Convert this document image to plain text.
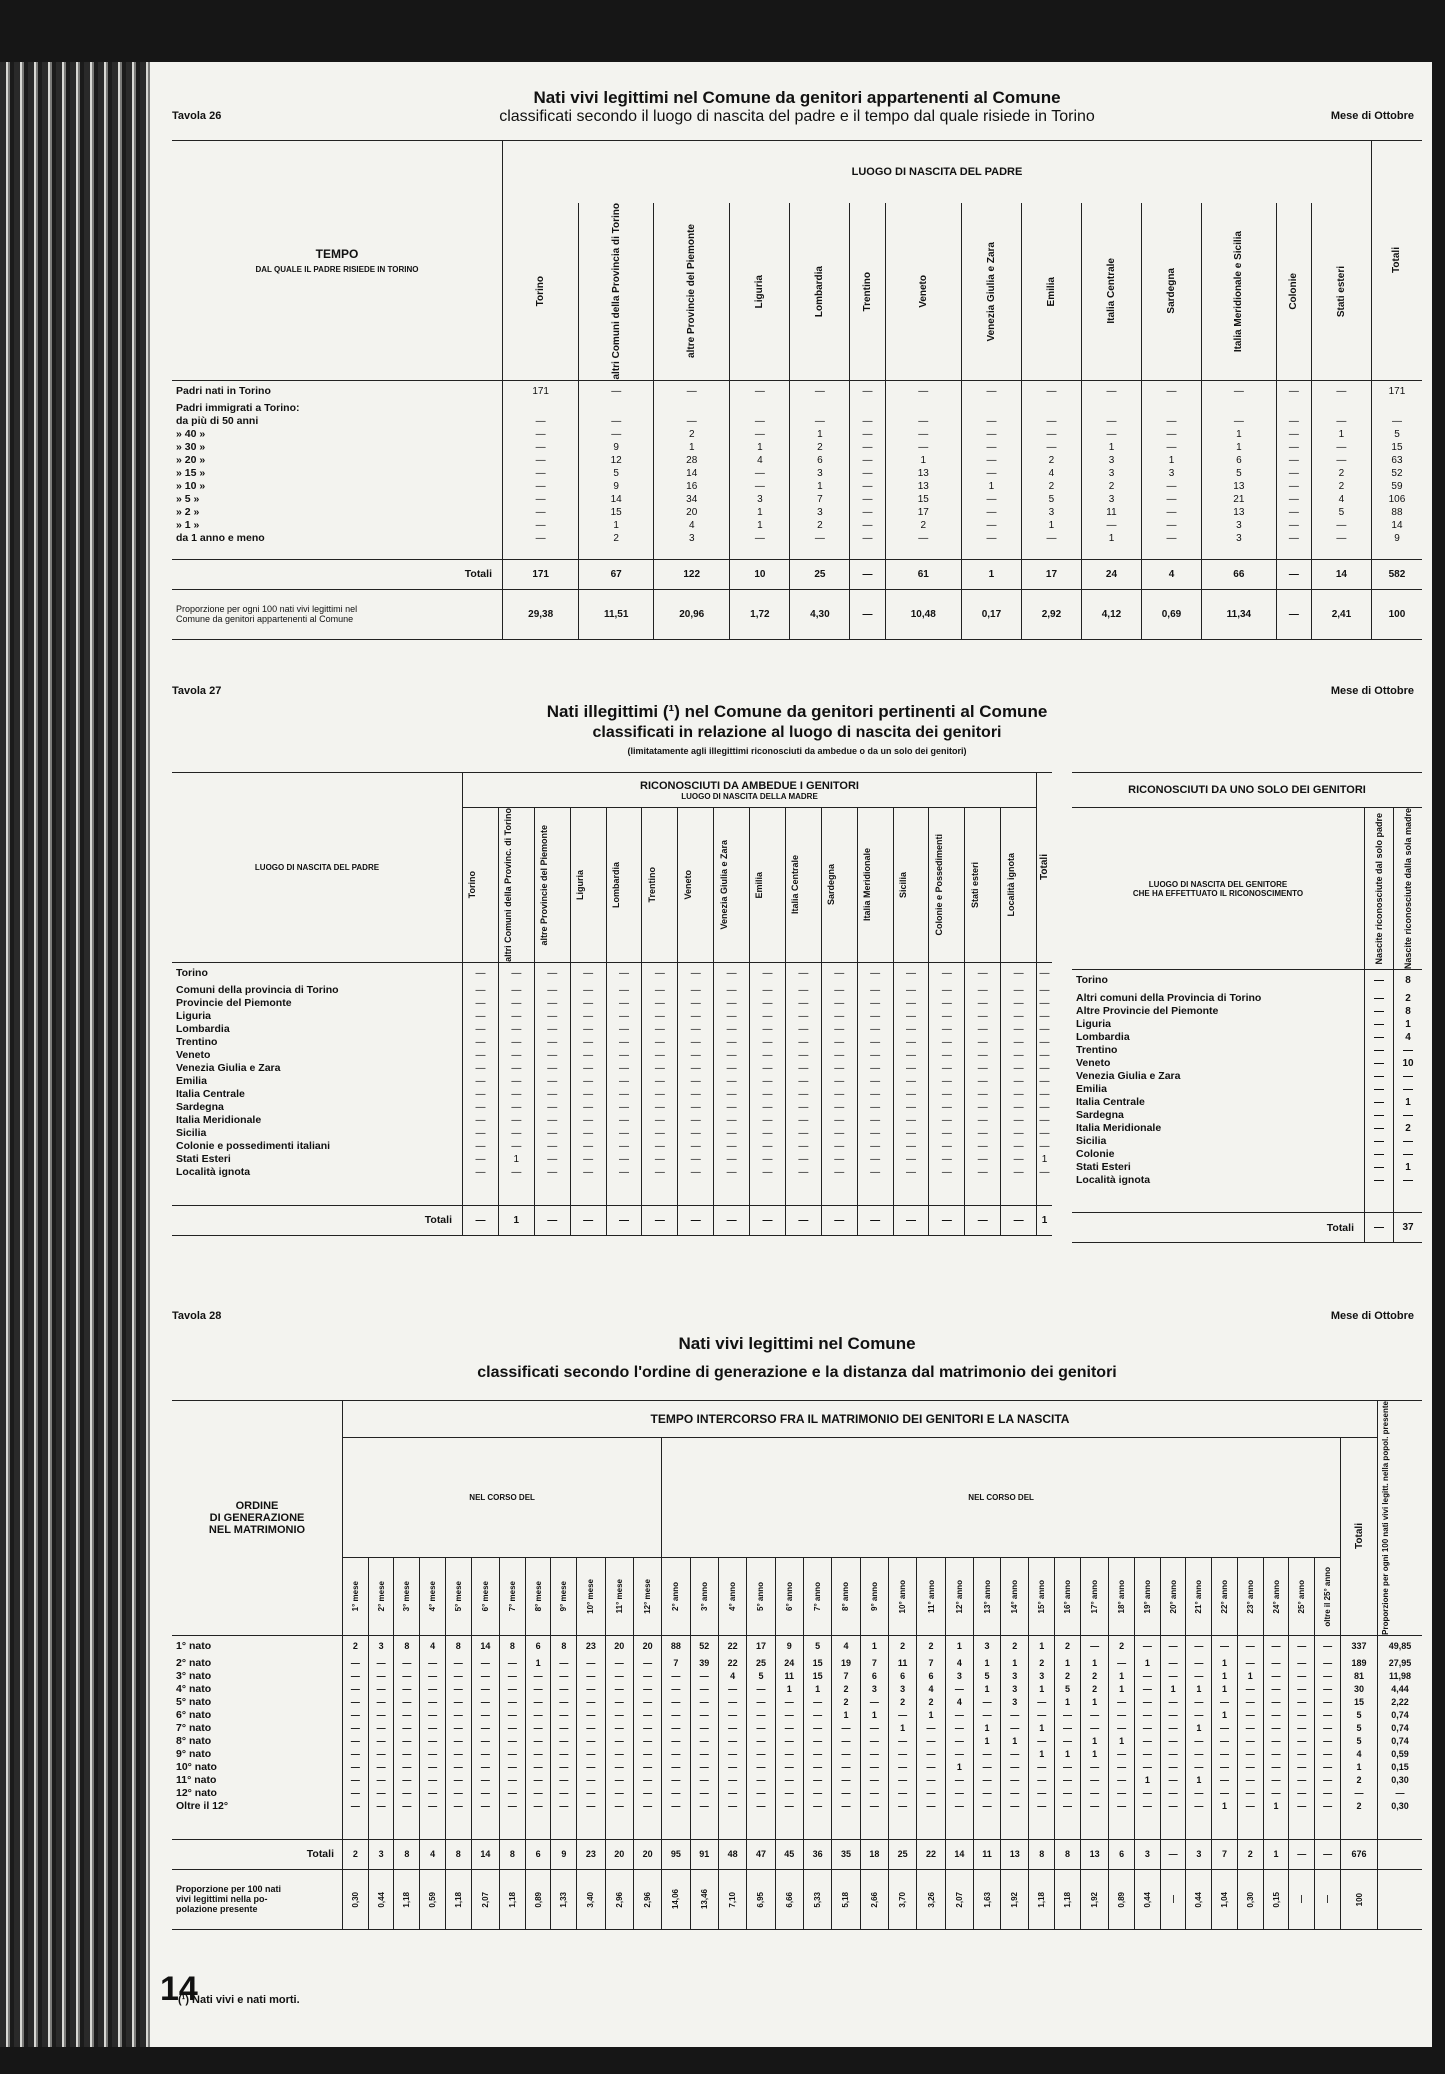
Tavola 26	Mese di Ottobre
Nati vivi legittimi nel Comune da genitori appartenenti al Comune
classificati secondo il luogo di nascita del padre e il tempo dal quale risiede in Torino
TEMPO
DAL QUALE IL PADRE RISIEDE IN TORINO	LUOGO DI NASCITA DEL PADRE														Totali

	Torino	altri Comuni della Provincia di Torino	altre Provincie del Piemonte	Liguria	Lombardia	Trentino	Veneto	Venezia Giulia e Zara	Emilia	Italia Centrale	Sardegna	Italia Meridionale e Sicilia	Colonie	Stati esteri	

Padri nati in Torino	171	—	—	—	—	—	—	—	—	—	—	—	—	—	171
Padri immigrati a Torino:															
da più di 50 anni	—	—	—	—	—	—	—	—	—	—	—	—	—	—	—
» 40 »	—	—	2	—	1	—	—	—	—	—	—	1	—	1	5
» 30 »	—	9	1	1	2	—	—	—	—	1	—	1	—	—	15
» 20 »	—	12	28	4	6	—	1	—	2	3	1	6	—	—	63
» 15 »	—	5	14	—	3	—	13	—	4	3	3	5	—	2	52
» 10 »	—	9	16	—	1	—	13	1	2	2	—	13	—	2	59
» 5 »	—	14	34	3	7	—	15	—	5	3	—	21	—	4	106
» 2 »	—	15	20	1	3	—	17	—	3	11	—	13	—	5	88
» 1 »	—	1	4	1	2	—	2	—	1	—	—	3	—	—	14
da 1 anno e meno	—	2	3	—	—	—	—	—	—	1	—	3	—	—	9

Totali	171	67	122	10	25	—	61	1	17	24	4	66	—	14	582

Proporzione per ogni 100 nati vivi legittimi nel
Comune da genitori appartenenti al Comune	29,38	11,51	20,96	1,72	4,30	—	10,48	0,17	2,92	4,12	0,69	11,34	—	2,41	100
Tavola 27	Mese di Ottobre
Nati illegittimi (¹) nel Comune da genitori pertinenti al Comune
classificati in relazione al luogo di nascita dei genitori
(limitatamente agli illegittimi riconosciuti da ambedue o da un solo dei genitori)
LUOGO DI NASCITA DEL PADRE	RICONOSCIUTI DA AMBEDUE I GENITORI
LUOGO DI NASCITA DELLA MADRE																Totali

	Torino	altri Comuni della Provinc. di Torino	altre Provincie del Piemonte	Liguria	Lombardia	Trentino	Veneto	Venezia Giulia e Zara	Emilia	Italia Centrale	Sardegna	Italia Meridionale	Sicilia	Colonie e Possedimenti	Stati esteri	Località ignota	

Torino	—	—	—	—	—	—	—	—	—	—	—	—	—	—	—	—	—
Comuni della provincia di Torino	—	—	—	—	—	—	—	—	—	—	—	—	—	—	—	—	—
Provincie del Piemonte	—	—	—	—	—	—	—	—	—	—	—	—	—	—	—	—	—
Liguria	—	—	—	—	—	—	—	—	—	—	—	—	—	—	—	—	—
Lombardia	—	—	—	—	—	—	—	—	—	—	—	—	—	—	—	—	—
Trentino	—	—	—	—	—	—	—	—	—	—	—	—	—	—	—	—	—
Veneto	—	—	—	—	—	—	—	—	—	—	—	—	—	—	—	—	—
Venezia Giulia e Zara	—	—	—	—	—	—	—	—	—	—	—	—	—	—	—	—	—
Emilia	—	—	—	—	—	—	—	—	—	—	—	—	—	—	—	—	—
Italia Centrale	—	—	—	—	—	—	—	—	—	—	—	—	—	—	—	—	—
Sardegna	—	—	—	—	—	—	—	—	—	—	—	—	—	—	—	—	—
Italia Meridionale	—	—	—	—	—	—	—	—	—	—	—	—	—	—	—	—	—
Sicilia	—	—	—	—	—	—	—	—	—	—	—	—	—	—	—	—	—
Colonie e possedimenti italiani	—	—	—	—	—	—	—	—	—	—	—	—	—	—	—	—	—
Stati Esteri	—	1	—	—	—	—	—	—	—	—	—	—	—	—	—	—	1
Località ignota	—	—	—	—	—	—	—	—	—	—	—	—	—	—	—	—	—

Totali	—	1	—	—	—	—	—	—	—	—	—	—	—	—	—	—	1
RICONOSCIUTI DA UNO SOLO DEI GENITORI		

LUOGO DI NASCITA DEL GENITORE
CHE HA EFFETTUATO IL RICONOSCIMENTO	Nascite riconosciute dal solo padre	Nascite riconosciute dalla sola madre

Torino	—	8
Altri comuni della Provincia di Torino	—	2
Altre Provincie del Piemonte	—	8
Liguria	—	1
Lombardia	—	4
Trentino	—	—
Veneto	—	10
Venezia Giulia e Zara	—	—
Emilia	—	—
Italia Centrale	—	1
Sardegna	—	—
Italia Meridionale	—	2
Sicilia	—	—
Colonie	—	—
Stati Esteri	—	1
Località ignota	—	—

Totali	—	37
Tavola 28	Mese di Ottobre
Nati vivi legittimi nel Comune
classificati secondo l'ordine di generazione e la distanza dal matrimonio dei genitori
ORDINE
DI GENERAZIONE
NEL MATRIMONIO	TEMPO INTERCORSO FRA IL MATRIMONIO DEI GENITORI E LA NASCITA																																						Proporzione per ogni 100 nati vivi legitt. nella popol. presente

	NEL CORSO DEL												NEL CORSO DEL																									Totali	

	1° mese	2° mese	3° mese	4° mese	5° mese	6° mese	7° mese	8° mese	9° mese	10° mese	11° mese	12° mese	2° anno	3° anno	4° anno	5° anno	6° anno	7° anno	8° anno	9° anno	10° anno	11° anno	12° anno	13° anno	14° anno	15° anno	16° anno	17° anno	18° anno	19° anno	20° anno	21° anno	22° anno	23° anno	24° anno	25° anno	oltre il 25° anno		

1° nato	2	3	8	4	8	14	8	6	8	23	20	20	88	52	22	17	9	5	4	1	2	2	1	3	2	1	2	—	2	—	—	—	—	—	—	—	—	337	49,85
2° nato	—	—	—	—	—	—	—	1	—	—	—	—	7	39	22	25	24	15	19	7	11	7	4	1	1	2	1	1	—	1	—	—	1	—	—	—	—	189	27,95
3° nato	—	—	—	—	—	—	—	—	—	—	—	—	—	—	4	5	11	15	7	6	6	6	3	5	3	3	2	2	1	—	—	—	1	1	—	—	—	81	11,98
4° nato	—	—	—	—	—	—	—	—	—	—	—	—	—	—	—	—	1	1	2	3	3	4	—	1	3	1	5	2	1	—	1	1	1	—	—	—	—	30	4,44
5° nato	—	—	—	—	—	—	—	—	—	—	—	—	—	—	—	—	—	—	2	—	2	2	4	—	3	—	1	1	—	—	—	—	—	—	—	—	—	15	2,22
6° nato	—	—	—	—	—	—	—	—	—	—	—	—	—	—	—	—	—	—	1	1	—	1	—	—	—	—	—	—	—	—	—	—	1	—	—	—	—	5	0,74
7° nato	—	—	—	—	—	—	—	—	—	—	—	—	—	—	—	—	—	—	—	—	1	—	—	1	—	1	—	—	—	—	—	1	—	—	—	—	—	5	0,74
8° nato	—	—	—	—	—	—	—	—	—	—	—	—	—	—	—	—	—	—	—	—	—	—	—	1	1	—	—	1	1	—	—	—	—	—	—	—	—	5	0,74
9° nato	—	—	—	—	—	—	—	—	—	—	—	—	—	—	—	—	—	—	—	—	—	—	—	—	—	1	1	1	—	—	—	—	—	—	—	—	—	4	0,59
10° nato	—	—	—	—	—	—	—	—	—	—	—	—	—	—	—	—	—	—	—	—	—	—	1	—	—	—	—	—	—	—	—	—	—	—	—	—	—	1	0,15
11° nato	—	—	—	—	—	—	—	—	—	—	—	—	—	—	—	—	—	—	—	—	—	—	—	—	—	—	—	—	—	1	—	1	—	—	—	—	—	2	0,30
12° nato	—	—	—	—	—	—	—	—	—	—	—	—	—	—	—	—	—	—	—	—	—	—	—	—	—	—	—	—	—	—	—	—	—	—	—	—	—	—	—
Oltre il 12°	—	—	—	—	—	—	—	—	—	—	—	—	—	—	—	—	—	—	—	—	—	—	—	—	—	—	—	—	—	—	—	—	1	—	1	—	—	2	0,30

Totali	2	3	8	4	8	14	8	6	9	23	20	20	95	91	48	47	45	36	35	18	25	22	14	11	13	8	8	13	6	3	—	3	7	2	1	—	—	676	

Proporzione per 100 nati
vivi legittimi nella po-
polazione presente	0,30	0,44	1,18	0,59	1,18	2,07	1,18	0,89	1,33	3,40	2,96	2,96	14,06	13,46	7,10	6,95	6,66	5,33	5,18	2,66	3,70	3,26	2,07	1,63	1,92	1,18	1,18	1,92	0,89	0,44	—	0,44	1,04	0,30	0,15	—	—	100	

(¹) Nati vivi e nati morti.
14
